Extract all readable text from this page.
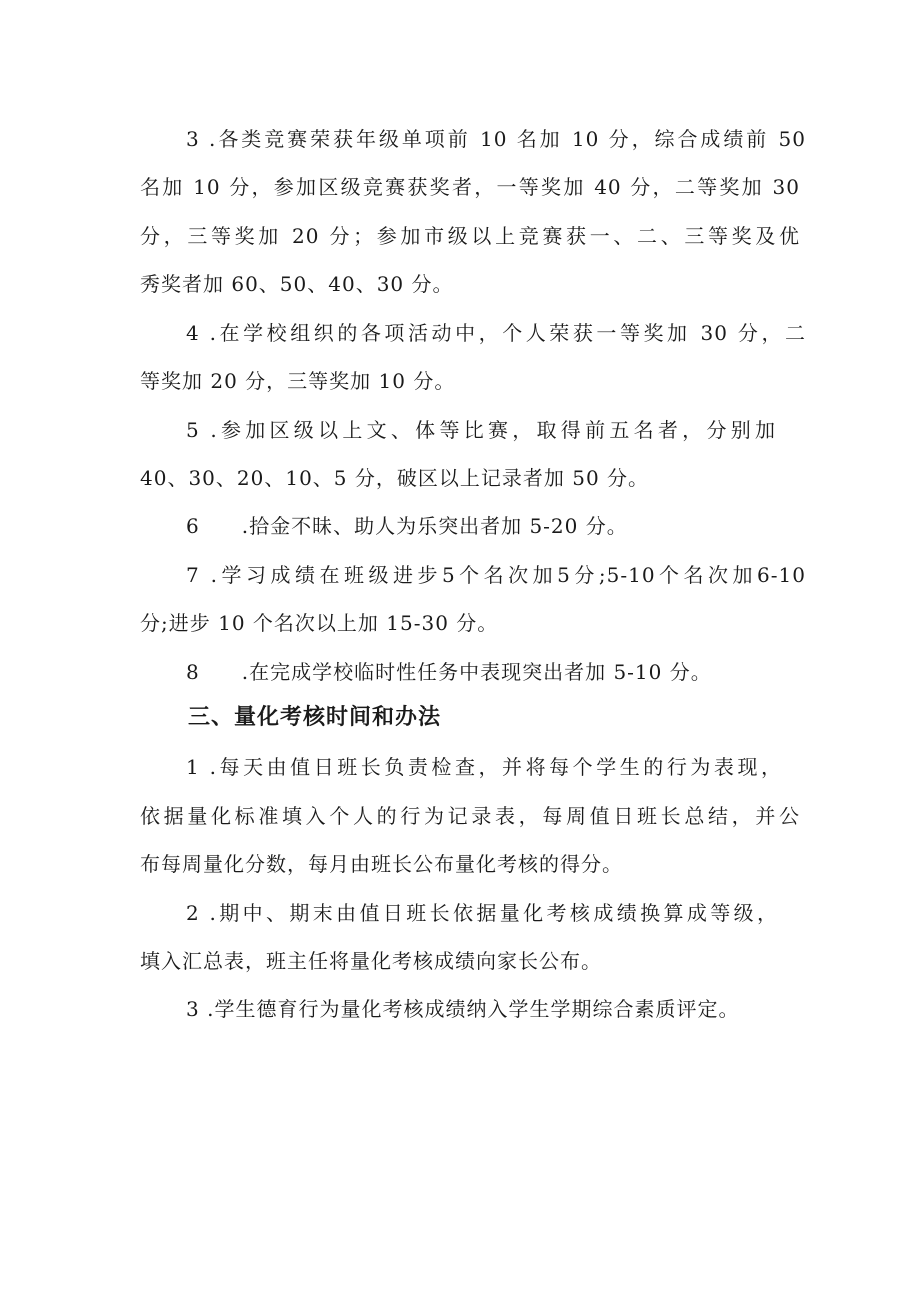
3 .各类竞赛荣获年级单项前 10 名加 10 分，综合成绩前 50
名加 10 分，参加区级竞赛获奖者，一等奖加 40 分，二等奖加 30
分，三等奖加 20 分；参加市级以上竞赛获一、二、三等奖及优
秀奖者加 60、50、40、30 分。
4 .在学校组织的各项活动中，个人荣获一等奖加 30 分，二
等奖加 20 分，三等奖加 10 分。
5 .参加区级以上文、体等比赛，取得前五名者，分别加
40、30、20、10、5 分，破区以上记录者加 50 分。
6　　.拾金不昧、助人为乐突出者加 5-20 分。
7 .学习成绩在班级进步5个名次加5分;5-10个名次加6-10
分;进步 10 个名次以上加 15-30 分。
8　　.在完成学校临时性任务中表现突出者加 5-10 分。
三、量化考核时间和办法
1 .每天由值日班长负责检查，并将每个学生的行为表现，
依据量化标准填入个人的行为记录表，每周值日班长总结，并公
布每周量化分数，每月由班长公布量化考核的得分。
2 .期中、期末由值日班长依据量化考核成绩换算成等级，
填入汇总表，班主任将量化考核成绩向家长公布。
3 .学生德育行为量化考核成绩纳入学生学期综合素质评定。
